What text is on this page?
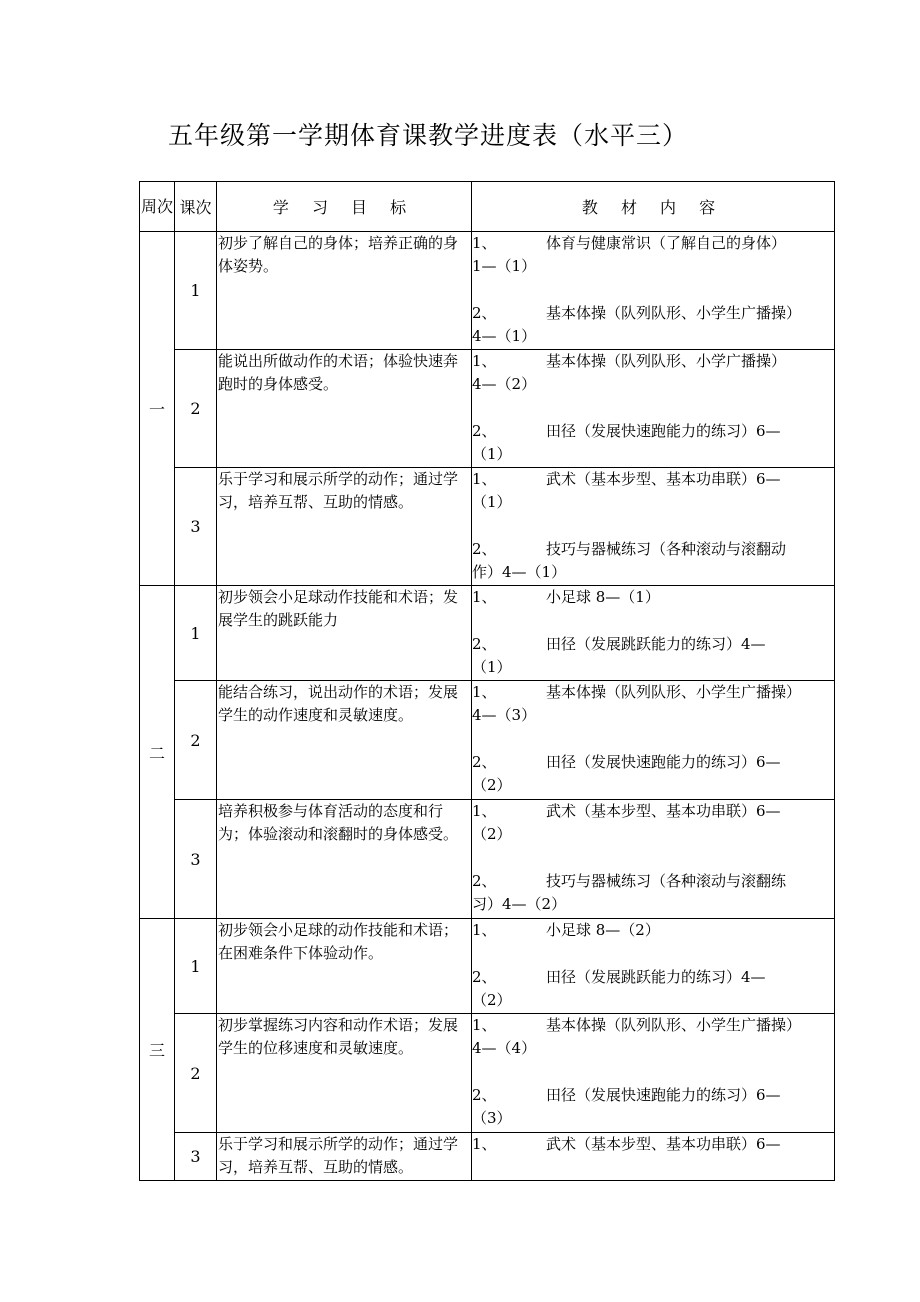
五年级第一学期体育课教学进度表（水平三）
周次	课次	学 习 目 标	教 材 内 容
一	1	初步了解自己的身体；培养正确的身体姿势。	1、 体育与健康常识（了解自己的身体）
1—（1）
2、 基本体操（队列队形、小学生广播操）
4—（1）

	2	能说出所做动作的术语；体验快速奔跑时的身体感受。	1、 基本体操（队列队形、小学广播操）
4—（2）
2、 田径（发展快速跑能力的练习）6—
（1）

	3	乐于学习和展示所学的动作；通过学习，培养互帮、互助的情感。	1、 武术（基本步型、基本功串联）6—
（1）
2、 技巧与器械练习（各种滚动与滚翻动
作）4—（1）

二	1	初步领会小足球动作技能和术语；发展学生的跳跃能力	1、 小足球 8—（1）
2、 田径（发展跳跃能力的练习）4—
（1）

	2	能结合练习，说出动作的术语；发展学生的动作速度和灵敏速度。	1、 基本体操（队列队形、小学生广播操）
4—（3）
2、 田径（发展快速跑能力的练习）6—
（2）

	3	培养积极参与体育活动的态度和行为；体验滚动和滚翻时的身体感受。	1、 武术（基本步型、基本功串联）6—
（2）
2、 技巧与器械练习（各种滚动与滚翻练
习）4—（2）

三	1	初步领会小足球的动作技能和术语；在困难条件下体验动作。	1、 小足球 8—（2）
2、 田径（发展跳跃能力的练习）4—
（2）

	2	初步掌握练习内容和动作术语；发展学生的位移速度和灵敏速度。	1、 基本体操（队列队形、小学生广播操）
4—（4）
2、 田径（发展快速跑能力的练习）6—
（3）

	3	乐于学习和展示所学的动作；通过学习，培养互帮、互助的情感。	1、 武术（基本步型、基本功串联）6—
